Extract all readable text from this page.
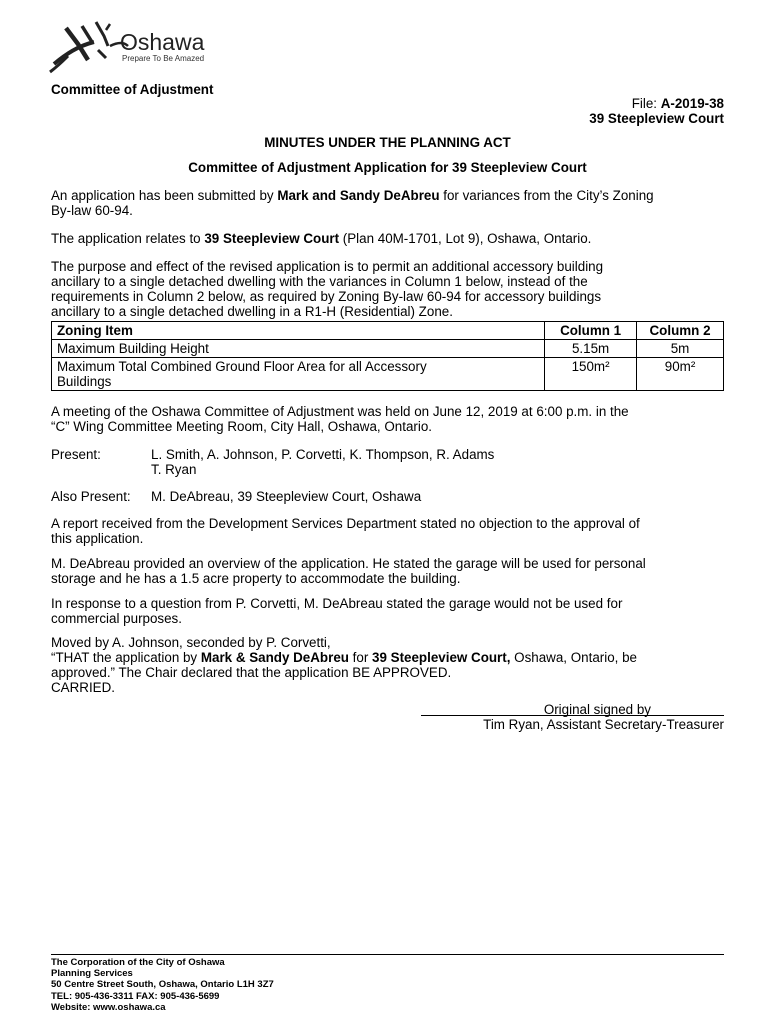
Oshawa
Prepare To Be Amazed
Committee of Adjustment
File: A-2019-38
39 Steepleview Court
MINUTES UNDER THE PLANNING ACT
Committee of Adjustment Application for 39 Steepleview Court
An application has been submitted by Mark and Sandy DeAbreu for variances from the City’s Zoning
By-law 60-94.
The application relates to 39 Steepleview Court (Plan 40M-1701, Lot 9), Oshawa, Ontario.
The purpose and effect of the revised application is to permit an additional accessory building
ancillary to a single detached dwelling with the variances in Column 1 below, instead of the
requirements in Column 2 below, as required by Zoning By-law 60-94 for accessory buildings
ancillary to a single detached dwelling in a R1-H (Residential) Zone.
Zoning Item	Column 1	Column 2
Maximum Building Height	5.15m	5m
Maximum Total Combined Ground Floor Area for all Accessory Buildings	150m²	90m²
A meeting of the Oshawa Committee of Adjustment was held on June 12, 2019 at 6:00 p.m. in the
“C” Wing Committee Meeting Room, City Hall, Oshawa, Ontario.
Present:	L. Smith, A. Johnson, P. Corvetti, K. Thompson, R. Adams
T. Ryan
Also Present: M. DeAbreau, 39 Steepleview Court, Oshawa
A report received from the Development Services Department stated no objection to the approval of
this application.
M. DeAbreau provided an overview of the application. He stated the garage will be used for personal
storage and he has a 1.5 acre property to accommodate the building.
In response to a question from P. Corvetti, M. DeAbreau stated the garage would not be used for
commercial purposes.
Moved by A. Johnson, seconded by P. Corvetti,
“THAT the application by Mark & Sandy DeAbreu for 39 Steepleview Court, Oshawa, Ontario, be
approved.” The Chair declared that the application BE APPROVED.
CARRIED.
Original signed by
Tim Ryan, Assistant Secretary-Treasurer
The Corporation of the City of Oshawa
Planning Services
50 Centre Street South, Oshawa, Ontario L1H 3Z7
TEL: 905-436-3311 FAX: 905-436-5699
Website: www.oshawa.ca
